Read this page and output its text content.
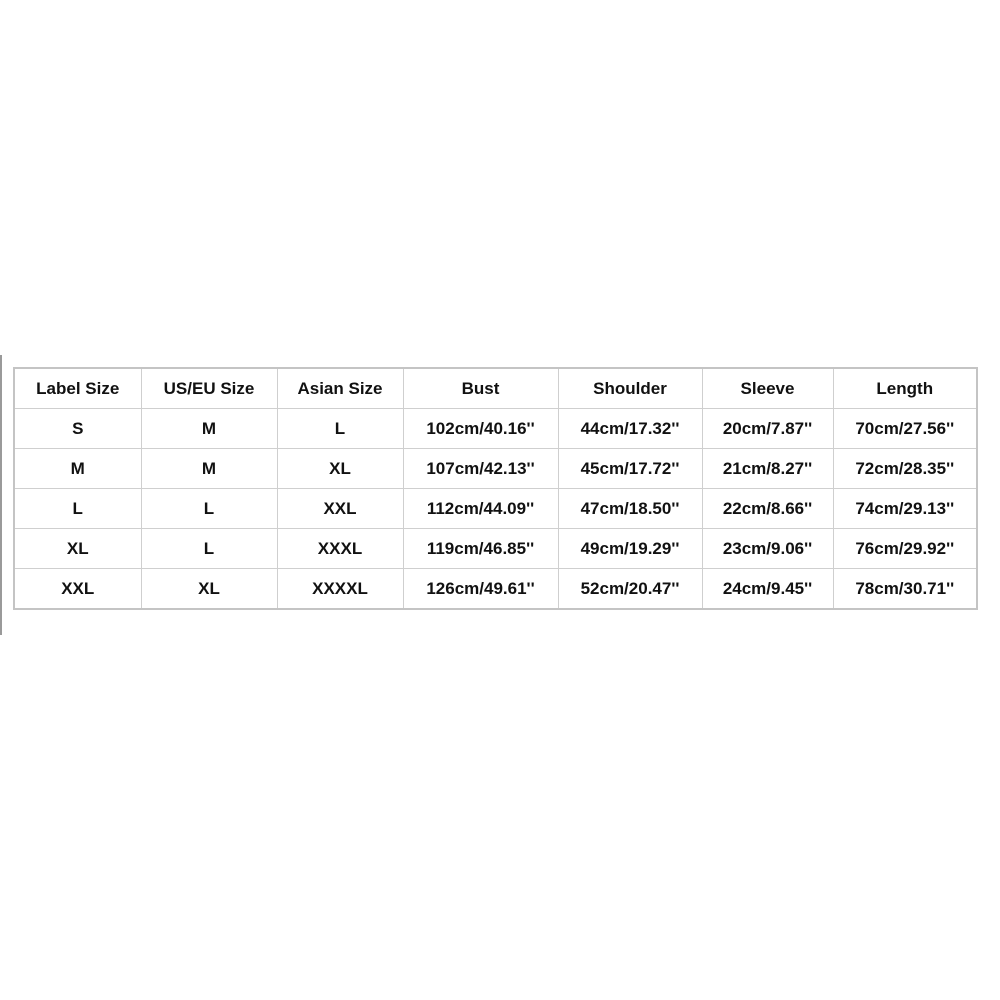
Label Size	US/EU Size	Asian Size	Bust	Shoulder	Sleeve	Length
S	M	L	102cm/40.16''	44cm/17.32''	20cm/7.87''	70cm/27.56''
M	M	XL	107cm/42.13''	45cm/17.72''	21cm/8.27''	72cm/28.35''
L	L	XXL	112cm/44.09''	47cm/18.50''	22cm/8.66''	74cm/29.13''
XL	L	XXXL	119cm/46.85''	49cm/19.29''	23cm/9.06''	76cm/29.92''
XXL	XL	XXXXL	126cm/49.61''	52cm/20.47''	24cm/9.45''	78cm/30.71''
